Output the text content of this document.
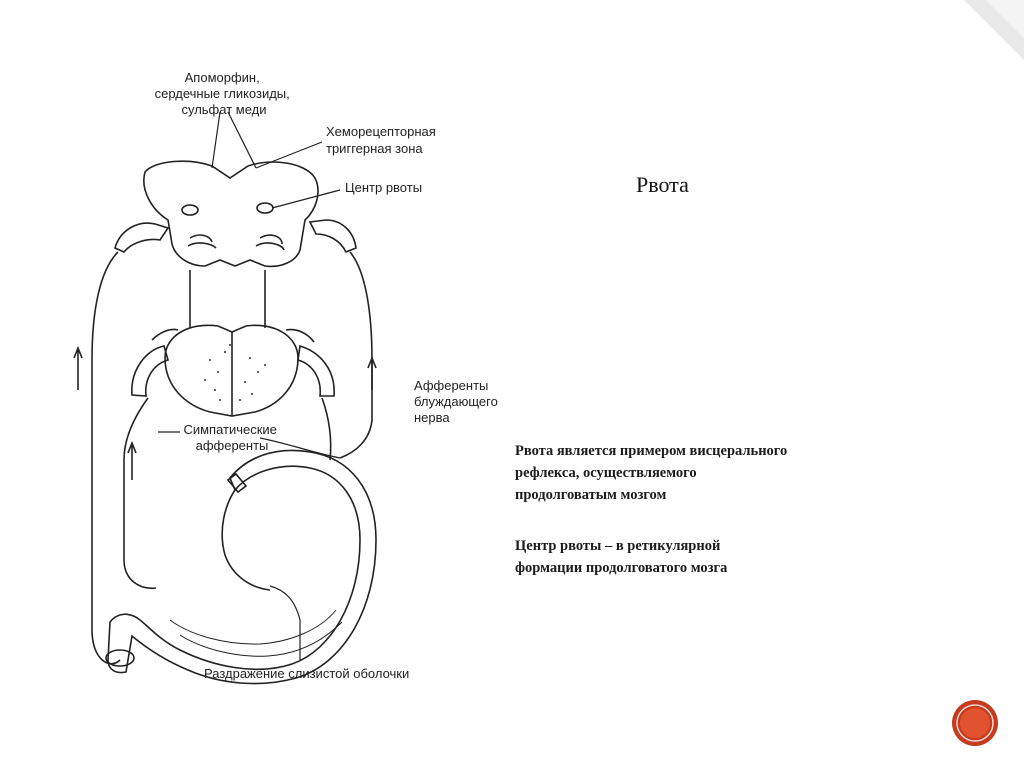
Апоморфин, сердечные гликозиды, сульфат меди
Хеморецепторная триггерная зона
Центр рвоты
Афференты блуждающего нерва
Симпатические афференты
Раздражение слизистой оболочки
Рвота

Рвота является примером висцерального
рефлекса, осуществляемого
продолговатым мозгом

Центр рвоты – в ретикулярной
формации продолговатого мозга
